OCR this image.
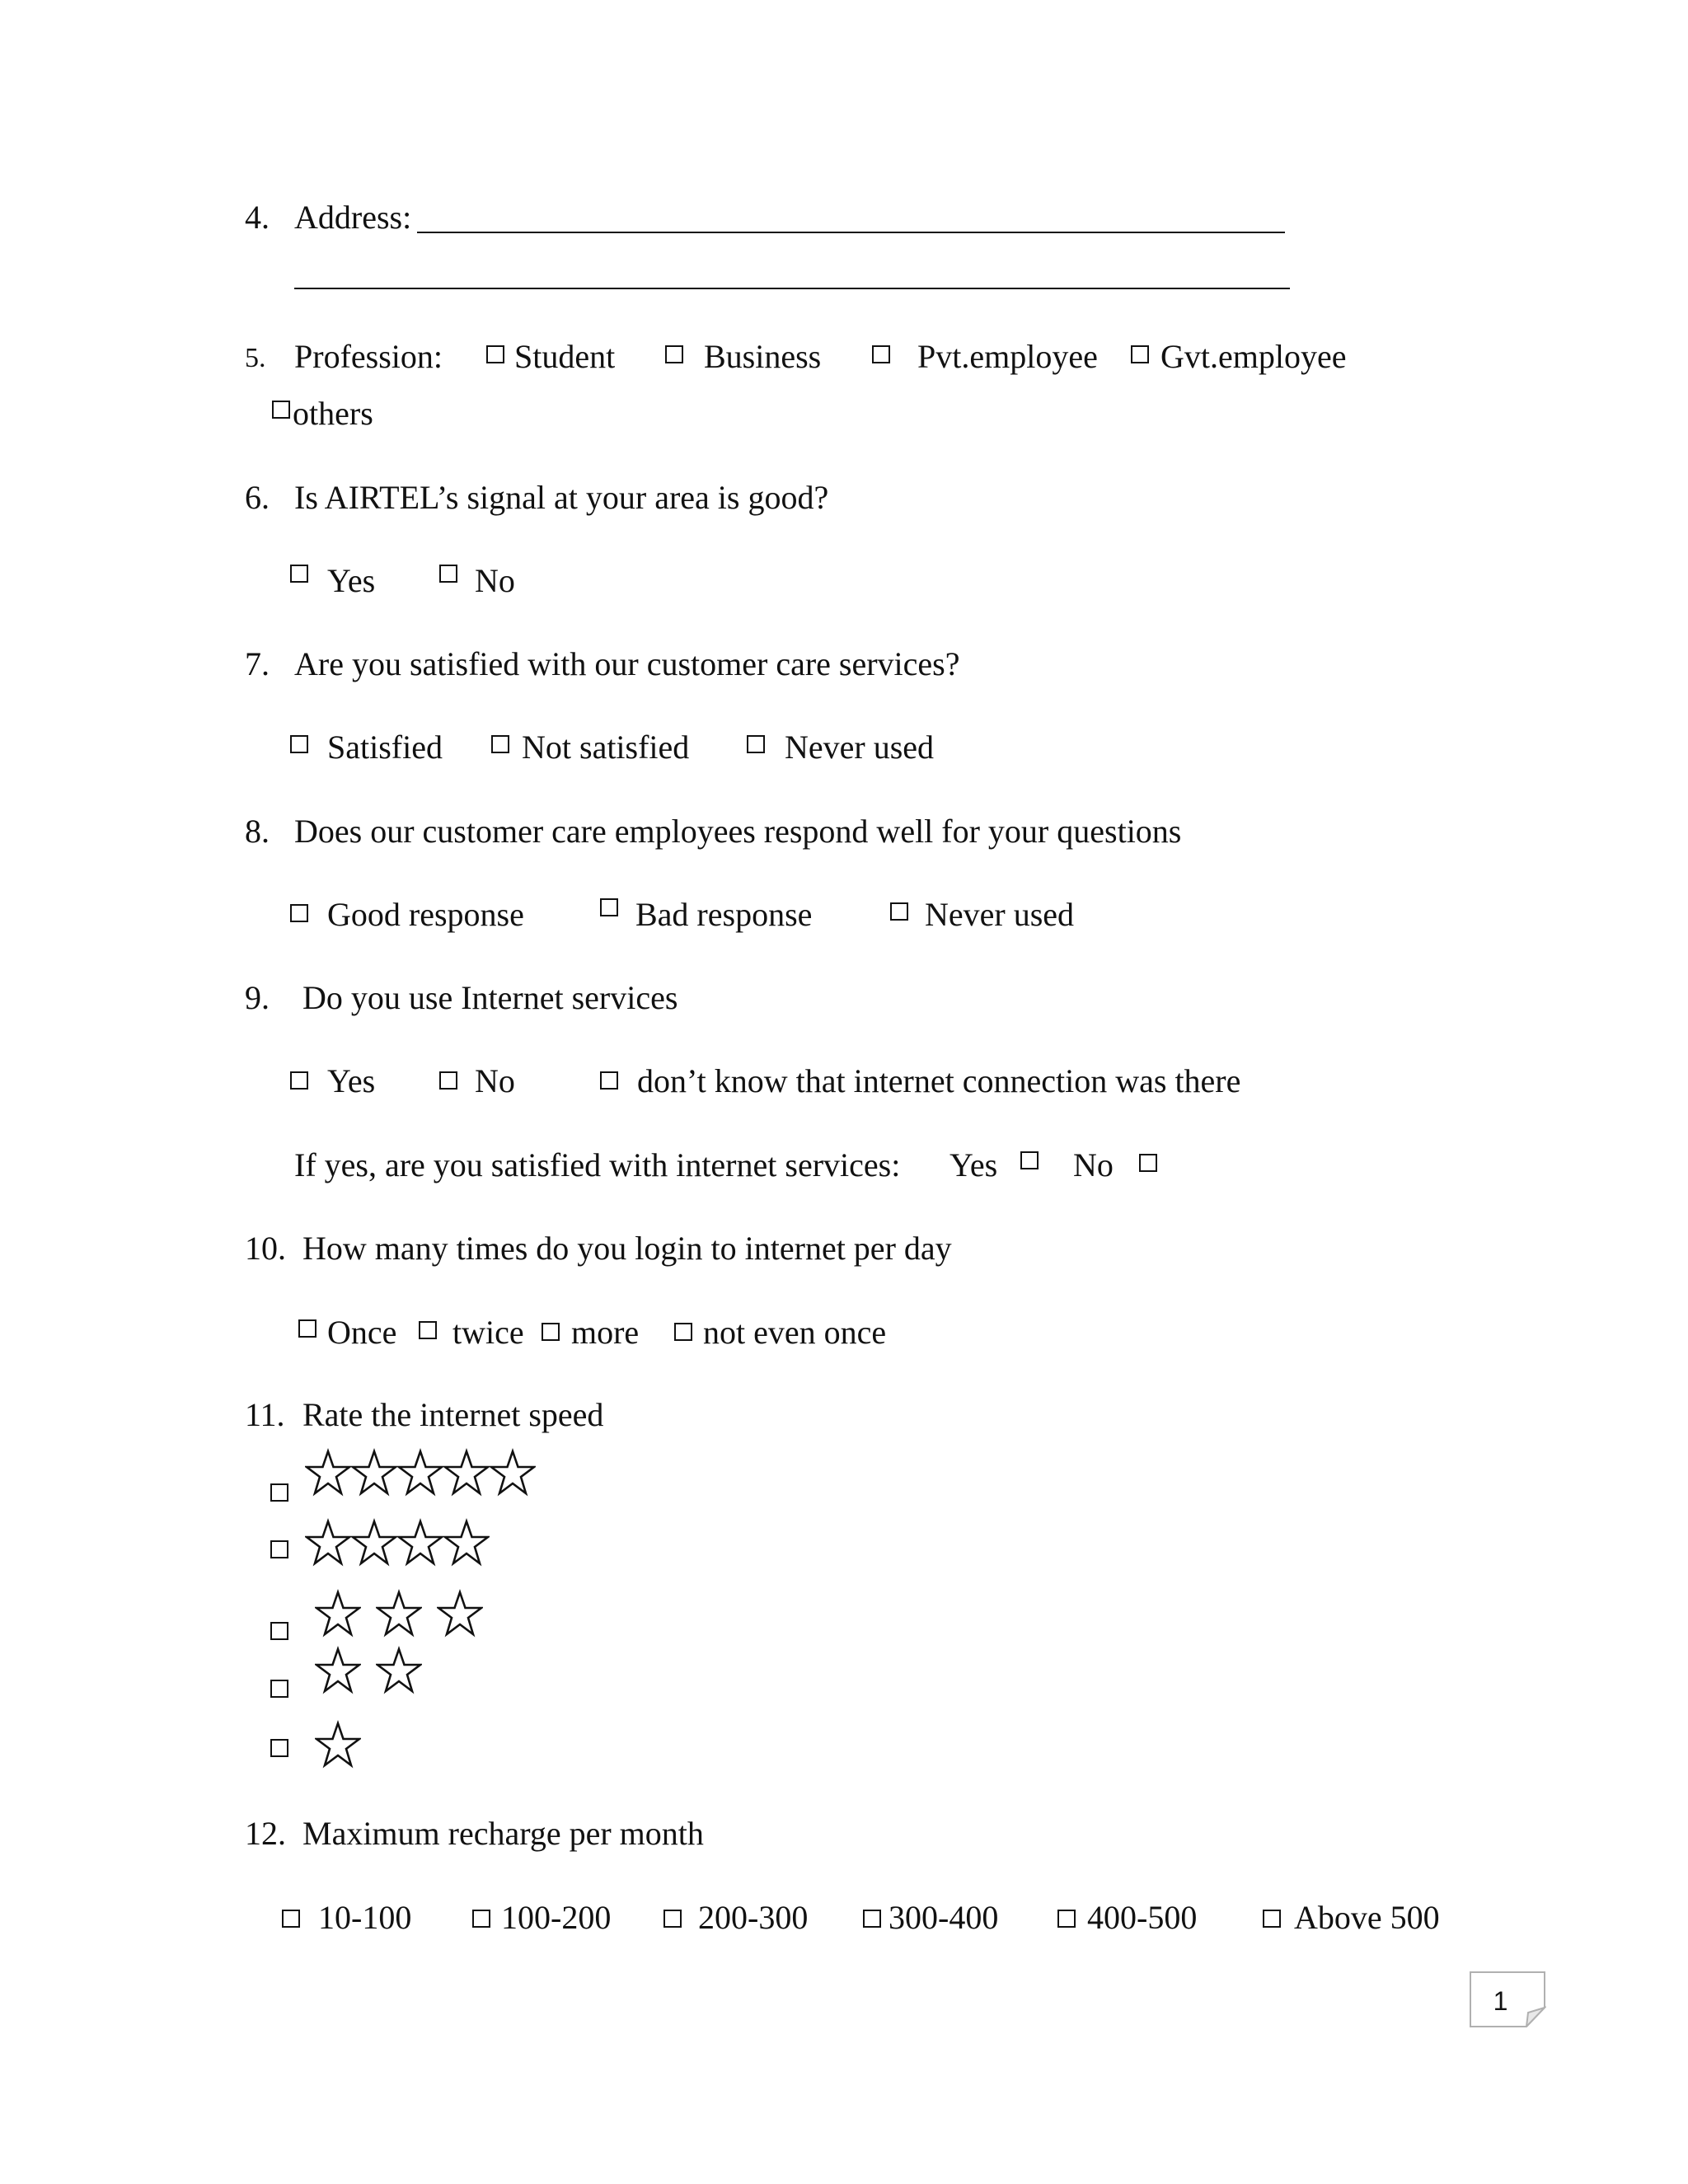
4. Address:
5. Profession: Student	Business	Pvt.employee Gvt.employee
others
6. Is AIRTEL’s signal at your area is good?
Yes	No
7. Are you satisfied with our customer care services?
Satisfied Not satisfied	Never used
8. Does our customer care employees respond well for your questions
Good response	Bad response	Never used
9. Do you use Internet services
Yes	No	don’t know that internet connection was there
If yes, are you satisfied with internet services: Yes No
10. How many times do you login to internet per day
Once twice more not even once
11. Rate the internet speed
12. Maximum recharge per month
10-100	100-200	200-300 300-400	400-500	Above 500
1
